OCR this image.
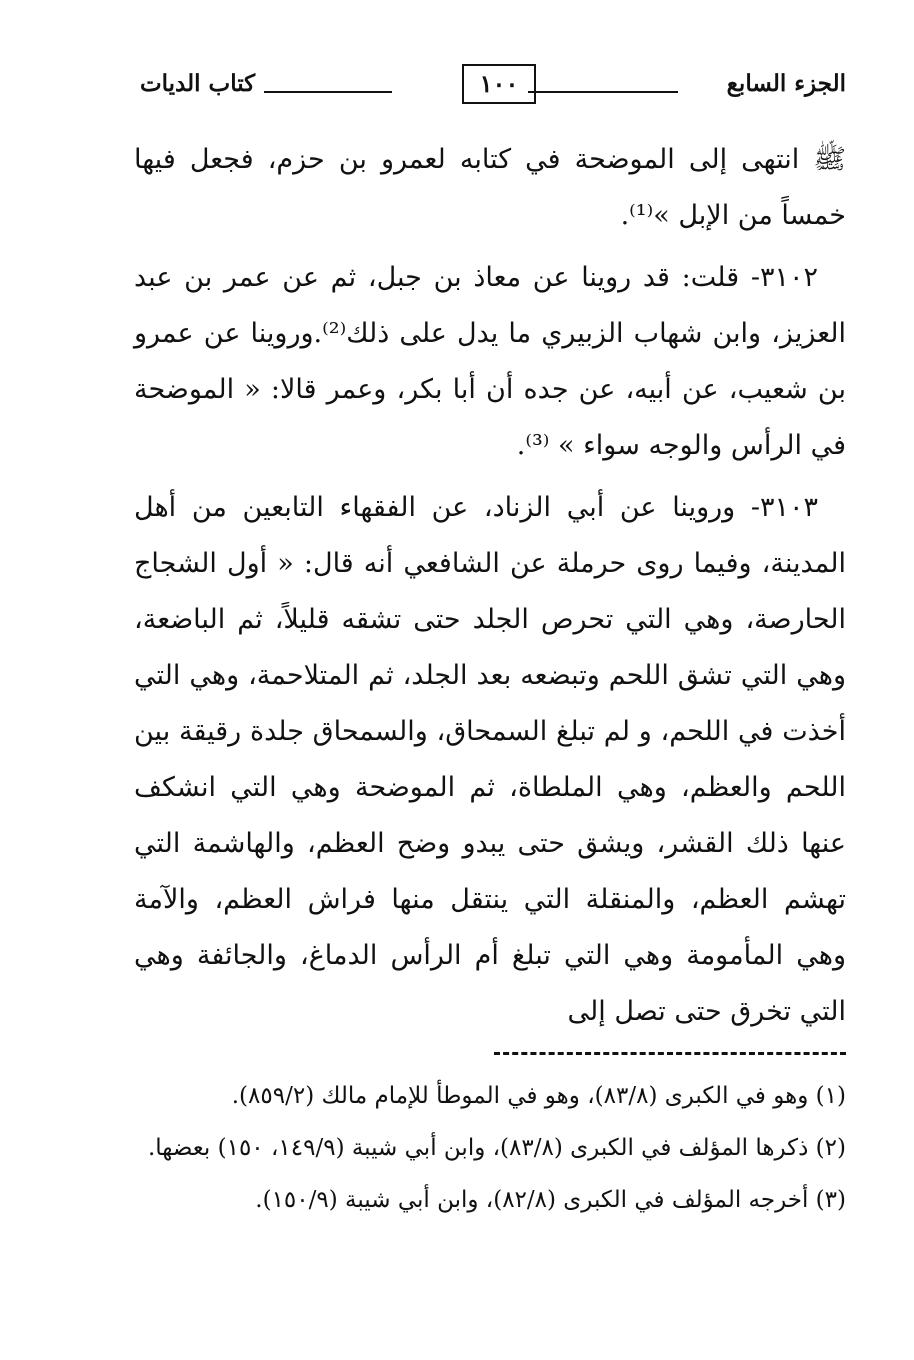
الجزء السابع
١٠٠
كتاب الديات

ﷺ انتهى إلى الموضحة في كتابه لعمرو بن حزم، فجعل فيها خمساً من الإبل »⁽¹⁾.

٣١٠٢- قلت: قد روينا عن معاذ بن جبل، ثم عن عمر بن عبد العزيز، وابن شهاب الزبيري ما يدل على ذلك⁽²⁾.وروينا عن عمرو بن شعيب، عن أبيه، عن جده أن أبا بكر، وعمر قالا: « الموضحة في الرأس والوجه سواء » ⁽³⁾.

٣١٠٣- وروينا عن أبي الزناد، عن الفقهاء التابعين من أهل المدينة، وفيما روى حرملة عن الشافعي أنه قال: « أول الشجاج الحارصة، وهي التي تحرص الجلد حتى تشقه قليلاً، ثم الباضعة، وهي التي تشق اللحم وتبضعه بعد الجلد، ثم المتلاحمة، وهي التي أخذت في اللحم، و لم تبلغ السمحاق، والسمحاق جلدة رقيقة بين اللحم والعظم، وهي الملطاة، ثم الموضحة وهي التي انشكف عنها ذلك القشر، ويشق حتى يبدو وضح العظم، والهاشمة التي تهشم العظم، والمنقلة التي ينتقل منها فراش العظم، والآمة وهي المأمومة وهي التي تبلغ أم الرأس الدماغ، والجائفة وهي التي تخرق حتى تصل إلى

(١) وهو في الكبرى (٨٣/٨)، وهو في الموطأ للإمام مالك (٨٥٩/٢).

(٢) ذكرها المؤلف في الكبرى (٨٣/٨)، وابن أبي شيبة (١٤٩/٩، ١٥٠) بعضها.

(٣) أخرجه المؤلف في الكبرى (٨٢/٨)، وابن أبي شيبة (١٥٠/٩).
